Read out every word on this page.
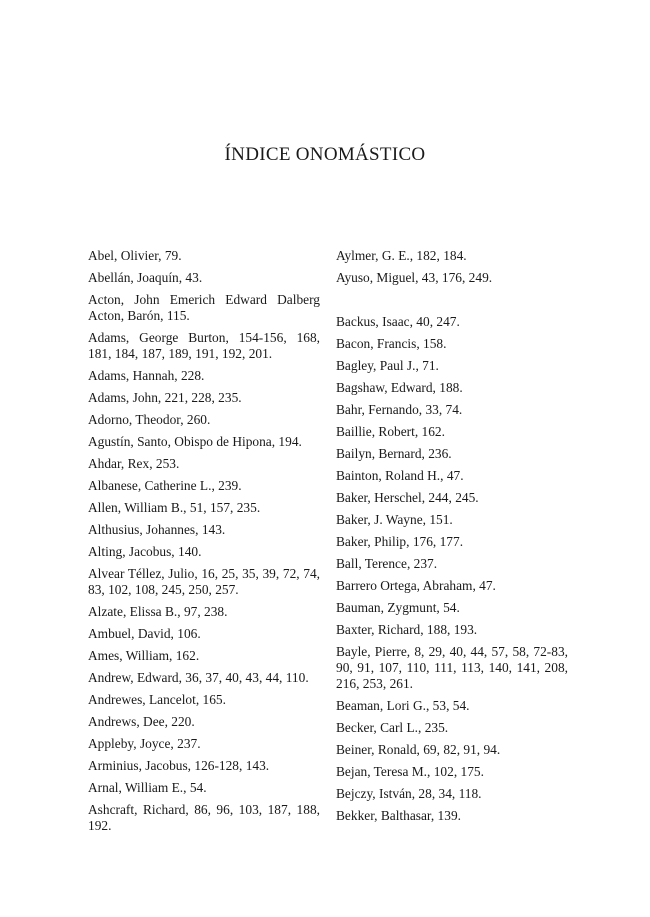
ÍNDICE ONOMÁSTICO

Abel, Olivier, 79.

Abellán, Joaquín, 43.

Acton, John Emerich Edward Dalberg Acton, Barón, 115.

Adams, George Burton, 154-156, 168, 181, 184, 187, 189, 191, 192, 201.

Adams, Hannah, 228.

Adams, John, 221, 228, 235.

Adorno, Theodor, 260.

Agustín, Santo, Obispo de Hipona, 194.

Ahdar, Rex, 253.

Albanese, Catherine L., 239.

Allen, William B., 51, 157, 235.

Althusius, Johannes, 143.

Alting, Jacobus, 140.

Alvear Téllez, Julio, 16, 25, 35, 39, 72, 74, 83, 102, 108, 245, 250, 257.

Alzate, Elissa B., 97, 238.

Ambuel, David, 106.

Ames, William, 162.

Andrew, Edward, 36, 37, 40, 43, 44, 110.

Andrewes, Lancelot, 165.

Andrews, Dee, 220.

Appleby, Joyce, 237.

Arminius, Jacobus, 126-128, 143.

Arnal, William E., 54.

Ashcraft, Richard, 86, 96, 103, 187, 188, 192.

Aylmer, G. E., 182, 184.

Ayuso, Miguel, 43, 176, 249.

Backus, Isaac, 40, 247.

Bacon, Francis, 158.

Bagley, Paul J., 71.

Bagshaw, Edward, 188.

Bahr, Fernando, 33, 74.

Baillie, Robert, 162.

Bailyn, Bernard, 236.

Bainton, Roland H., 47.

Baker, Herschel, 244, 245.

Baker, J. Wayne, 151.

Baker, Philip, 176, 177.

Ball, Terence, 237.

Barrero Ortega, Abraham, 47.

Bauman, Zygmunt, 54.

Baxter, Richard, 188, 193.

Bayle, Pierre, 8, 29, 40, 44, 57, 58, 72-83, 90, 91, 107, 110, 111, 113, 140, 141, 208, 216, 253, 261.

Beaman, Lori G., 53, 54.

Becker, Carl L., 235.

Beiner, Ronald, 69, 82, 91, 94.

Bejan, Teresa M., 102, 175.

Bejczy, István, 28, 34, 118.

Bekker, Balthasar, 139.
